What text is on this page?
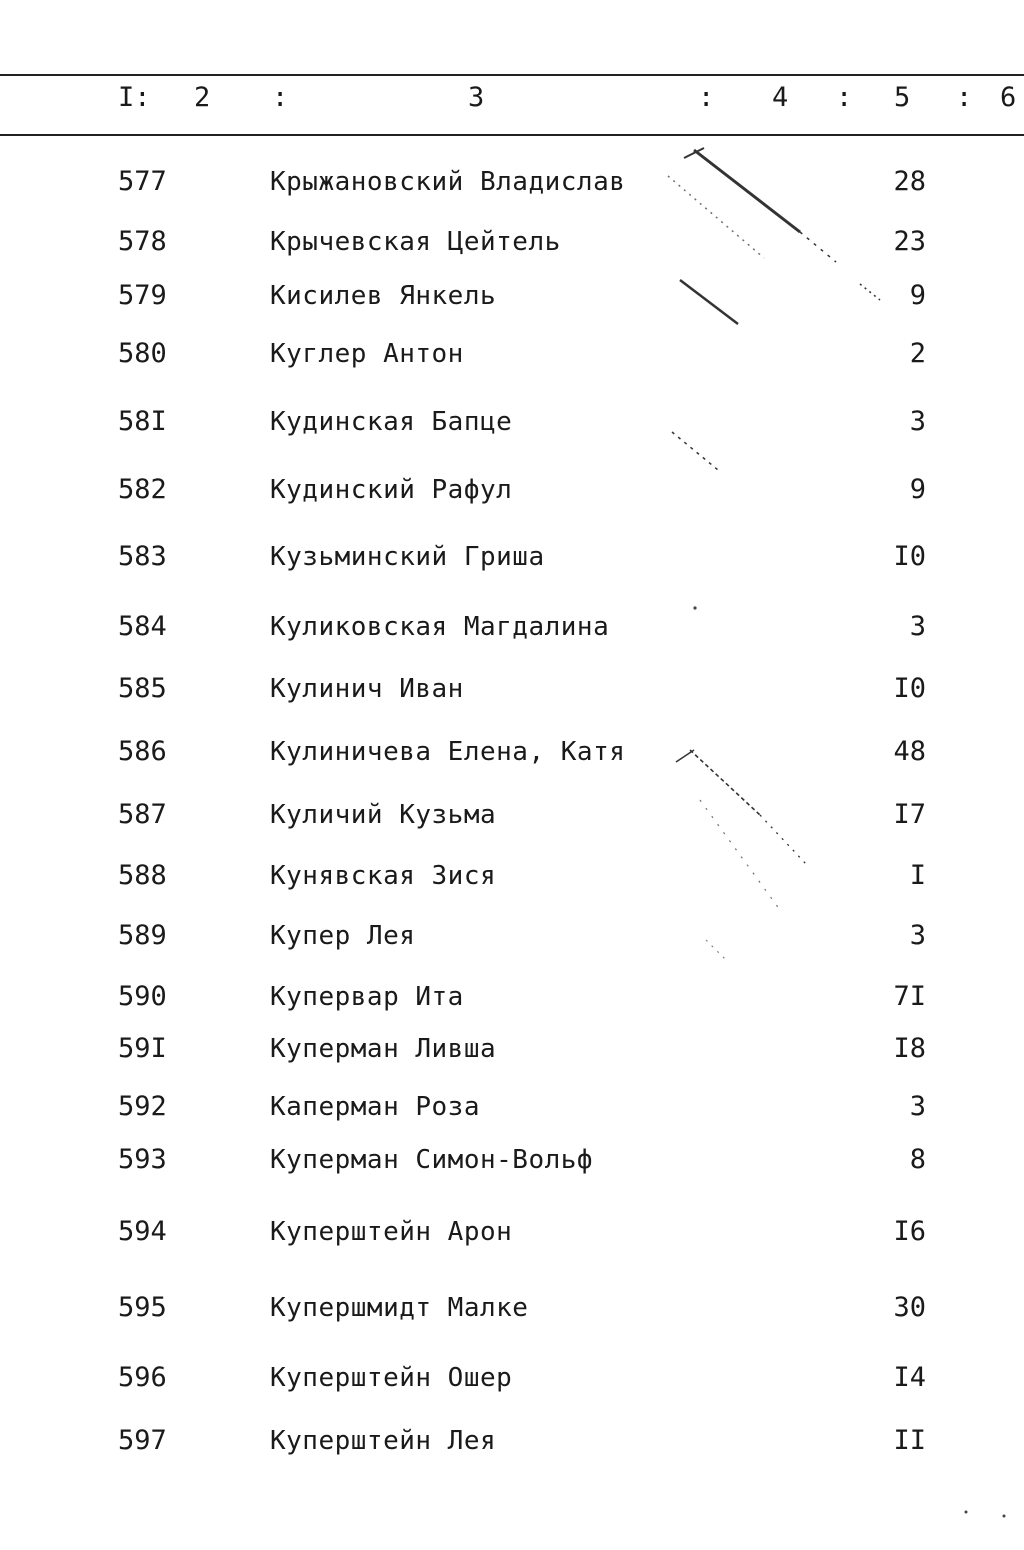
I: 2 :	3	: 4 : 5 : 6
577	Крыжановский Владислав	28
578	Крычевская Цейтель	23
579	Кисилев Янкель	9
580	Куглер Антон	2
58I	Кудинская Бапце	3
582	Кудинский Рафул	9
583	Кузьминский Гриша	I0
584	Куликовская Магдалина	3
585	Кулинич Иван	I0
586	Кулиничева Елена, Катя	48
587	Куличий Кузьма	I7
588	Кунявская Зися	I
589	Купер Лея	3
590	Купервар Ита	7I
59I	Куперман Ливша	I8
592	Каперман Роза	3
593	Куперман Симон-Вольф	8
594	Куперштейн Арон	I6
595	Купершмидт Малке	30
596	Куперштейн Ошер	I4
597	Куперштейн Лея	II
